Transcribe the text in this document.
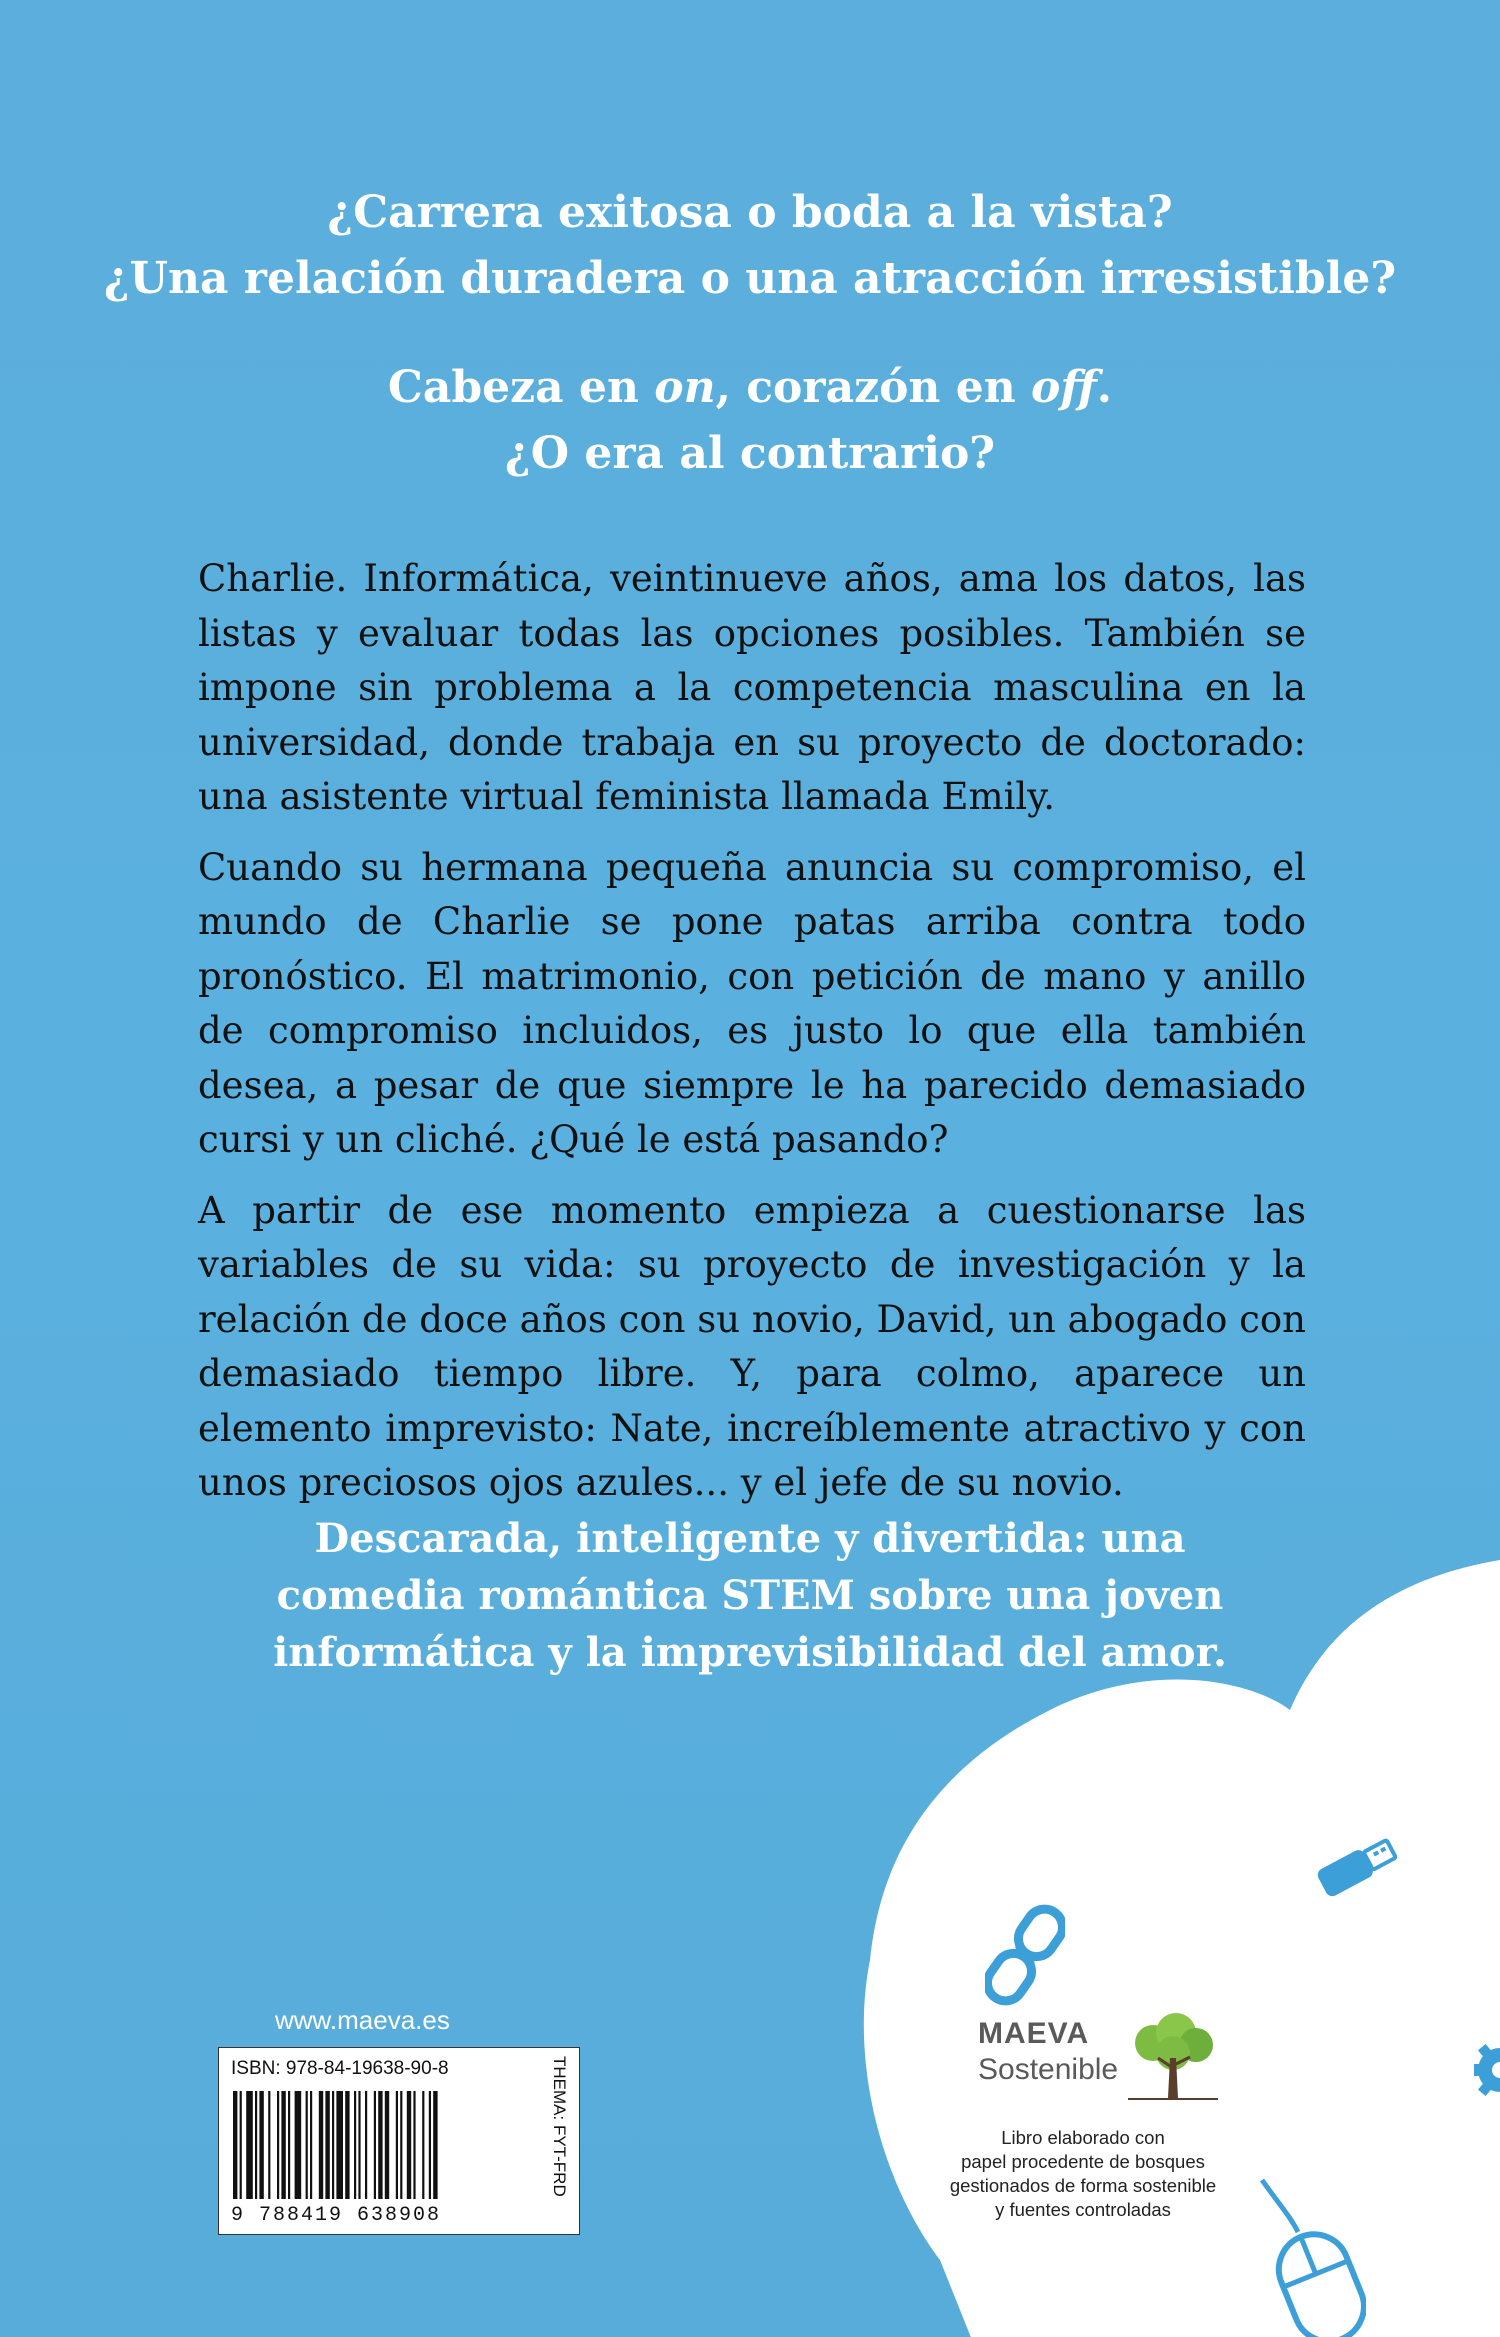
¿Carrera exitosa o boda a la vista?
¿Una relación duradera o una atracción irresistible?
Cabeza en on, corazón en off.
¿O era al contrario?

Charlie. Informática, veintinueve años, ama los datos, las listas y evaluar todas las opciones posibles. También se impone sin problema a la competencia masculina en la universidad, donde trabaja en su proyecto de doctorado: una asistente virtual feminista llamada Emily.

Cuando su hermana pequeña anuncia su compromiso, el mundo de Charlie se pone patas arriba contra todo pronóstico. El matrimonio, con petición de mano y anillo de compromiso incluidos, es justo lo que ella también desea, a pesar de que siempre le ha parecido demasiado cursi y un cliché. ¿Qué le está pasando?

A partir de ese momento empieza a cuestionarse las variables de su vida: su proyecto de investigación y la relación de doce años con su novio, David, un abogado con demasiado tiempo libre. Y, para colmo, aparece un elemento imprevisto: Nate, increíblemente atractivo y con unos preciosos ojos azules... y el jefe de su novio.

Descarada, inteligente y divertida: una
comedia romántica STEM sobre una joven
informática y la imprevisibilidad del amor.
www.maeva.es
ISBN: 978-84-19638-90-8
9 788419 638908
THEMA: FYT-FRD
MAEVA
Sostenible
Libro elaborado con
papel procedente de bosques
gestionados de forma sostenible
y fuentes controladas
